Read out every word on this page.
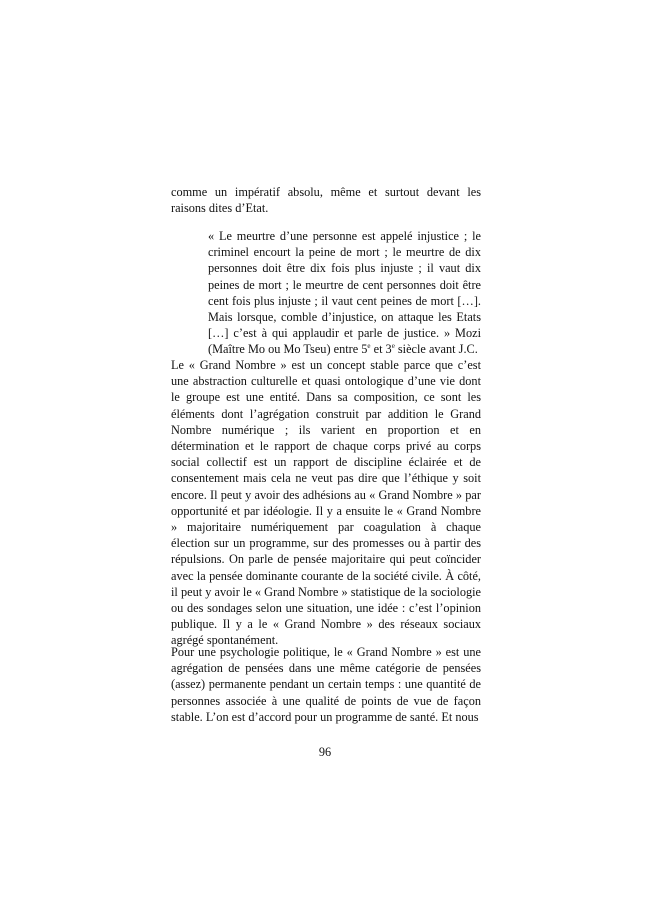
comme un impératif absolu, même et surtout devant les raisons dites d’Etat.

« Le meurtre d’une personne est appelé injustice ; le criminel encourt la peine de mort ; le meurtre de dix personnes doit être dix fois plus injuste ; il vaut dix peines de mort ; le meurtre de cent personnes doit être cent fois plus injuste ; il vaut cent peines de mort […]. Mais lorsque, comble d’injustice, on attaque les Etats […] c’est à qui applaudir et parle de justice. » Mozi (Maître Mo ou Mo Tseu) entre 5e et 3e siècle avant J.C.

Le « Grand Nombre » est un concept stable parce que c’est une abstraction culturelle et quasi ontologique d’une vie dont le groupe est une entité. Dans sa composition, ce sont les éléments dont l’agrégation construit par addition le Grand Nombre numérique ; ils varient en proportion et en détermination et le rapport de chaque corps privé au corps social collectif est un rapport de discipline éclairée et de consentement mais cela ne veut pas dire que l’éthique y soit encore. Il peut y avoir des adhésions au « Grand Nombre » par opportunité et par idéologie. Il y a ensuite le « Grand Nombre » majoritaire numériquement par coagulation à chaque élection sur un programme, sur des promesses ou à partir des répulsions. On parle de pensée majoritaire qui peut coïncider avec la pensée dominante courante de la société civile. À côté, il peut y avoir le « Grand Nombre » statistique de la sociologie ou des sondages selon une situation, une idée : c’est l’opinion publique. Il y a le « Grand Nombre » des réseaux sociaux agrégé spontanément.

Pour une psychologie politique, le « Grand Nombre » est une agrégation de pensées dans une même catégorie de pensées (assez) permanente pendant un certain temps : une quantité de personnes associée à une qualité de points de vue de façon stable. L’on est d’accord pour un programme de santé. Et nous

96
